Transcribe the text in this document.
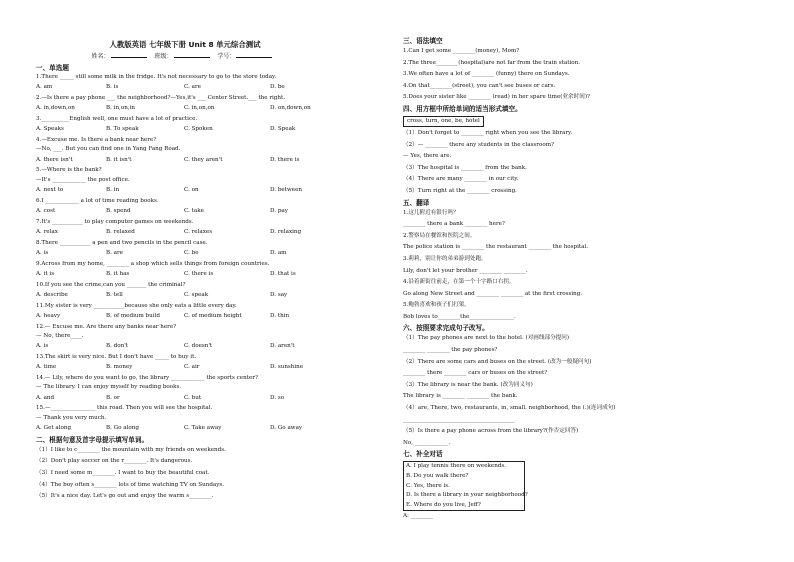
人教版英语 七年级下册 Unit 8 单元综合测试
姓名：	班级：	学号：
一、单选题
1.There _____ still some milk in the fridge. It's not necessary to go to the store today.
A. am	B. is	C. are	D. be
2.—Is there a pay phone ___ the neighborhood?—Yes,it's ___ Center Street.___ the right.
A. in,down,on	B. in,on,in	C. in,on,on	D. on,down,on
3.__________English well, one must have a lot of practice.
A. Speaks	B. To speak	C. Spoken	D. Speak
4.—Excuse me. Is there a bank near here?
—No, ___. But you can find one in Yang Fang Road.
A. there isn't	B. it isn't	C. they aren't	D. there is
5.—Where is the bank?
—It's ____________ the post office.
A. next to	B. in	C. on	D. between
6.I ____________ a lot of time reading books.
A. cost	B. spend	C. take	D. pay
7.It's ___________ to play computer games on weekends.
A. relax	B. relaxed	C. relaxes	D. relaxing
8.There ___________ a pen and two pencils in the pencil case.
A. is	B. are	C. be	D. am
9.Across from my home, ________ a shop which sells things from foreign countries.
A. it is	B. it has	C. there is	D. that is
10.If you see the crime,can you _______ the criminal?
A. describe	B. tell	C. speak	D. say
11.My sister is very ___________because she only eats a little every day.
A. heavy	B. of medium build	C. of medium height	D. thin
12.— Excuse me. Are there any banks near here?
— No, there____.
A. is	B. don't	C. doesn't	D. aren't
13.The skirt is very nice. But I don't have _____ to buy it.
A. time	B. money	C. air	D. sunshine
14.— Lily, where do you want to go, the library ____________ the sports center?
— The library. I can enjoy myself by reading books.
A. and	B. or	C. but	D. so
15.—________________ this road. Then you will see the hospital.
— Thank you very much.
A. Get along	B. Go along	C. Take away	D. Go away
二、根据句意及首字母提示填写单词。
（1）I like to c________ the mountain with my friends on weekends.
（2）Don't play soccer on the r________. It's dangerous.
（3）I need some m________. I want to buy the beautiful coat.
（4）The boy often s________ lots of time watching TV on Sundays.
（5）It's a nice day. Let's go out and enjoy the warm s________.
三、语法填空
1.Can I get some ________(money), Mom?
2.The three________(hospital)are not far from the train station.
3.We often have a lot of ________ (funny) there on Sundays.
4.On that________(street), you can't see buses or cars.
5.Does your sister like ________ (read) in her spare time(业余时间)?
四、用方框中所给单词的适当形式填空。
cross, turn, one, be, hotel
（1）Don't forget to ________ right when you see the library.
（2）— ________ there any students in the classroom?
— Yes, there are.
（3）The hospital is ________ from the bank.
（4）There are many ________ in our city.
（5）Turn right at the ________ crossing.
五、翻译
1.这儿附近有银行吗？
________ there a bank ________ here?
2.警察局在餐馆和医院之间。
The police station is ________ the restaurant ________ the hospital.
3.莉莉，别让你的弟弟游到处跑。
Lily, don't let your brother ________ ________.
4.沿着新街往前走，在第一个十字路口右拐。
Go along New Street and ________ ________ at the first crossing.
5.鲍勃喜欢和孩子们打架。
Bob loves to________the________________.
六、按照要求完成句子改写。
（1）The pay phones are next to the hotel. (对画线部分提问)
________ ________ the pay phones?
（2）There are some cars and buses on the street. (改为一般疑问句)
________ there ________ cars or buses on the street?
（3）The library is near the bank. (改为同义句)
The library is ________ ________ the bank.
（4）are, There, two, restaurants, in, small. neighborhood, the (.)(连词成句)
________________________________________
（5）Is there a pay phone across from the library?(作否定回答)
No, ____________.
七、补全对话
A. I play tennis there on weekends.
B. Do you walk there?
C. Yes, there is.
D. Is there a library in your neighborhood?
E. Where do you live, Jeff?
A: ________
